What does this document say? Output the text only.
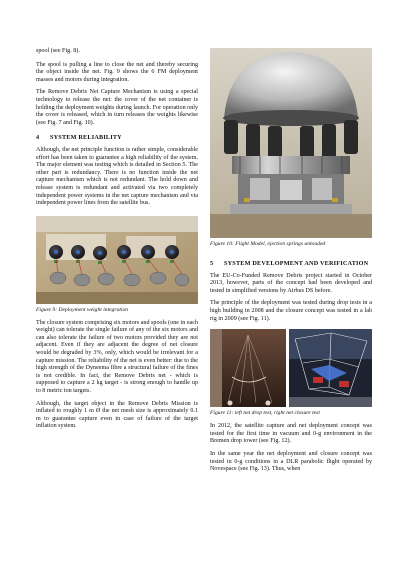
spool (see Fig. 8).

The spool is pulling a line to close the net and thereby securing the object inside the net. Fig. 9 shows the 6 FM deployment masses and motors during integration.

The Remove Debris Net Capture Mechanism is using a special technology to release the net: the cover of the net container is holding the deployment weights during launch. For operation only the cover is released, which in turn releases the weights likewise (see Fig. 7 and Fig. 10).

4 SYSTEM RELIABILITY

Although, the net principle function is rather simple, considerable effort has been taken to guarantee a high reliability of the system. The major element was testing which is detailed in Section 5. The other part is redundancy. There is no function inside the net capture mechanism which is not redundant. The hold down and release system is redundant and activated via two completely independent power systems in the net capture mechanism and via independent power lines from the satellite bus.

Figure 9: Deployment weight integration

The closure system comprising six motors and spools (one in each weight) can tolerate the single failure of any of the six motors and can also tolerate the failure of two motors provided they are not adjacent. Even if they are adjacent the degree of net closure would be degraded by 3%, only, which would be irrelevant for a capture mission. The reliability of the net is even better: due to the high strength of the Dyneema fibre a structural failure of the fines is not credible. In fact, the Remove Debris net - which is supposed to capture a 2 kg target - is strong enough to handle up to 8 metric ton targets.

Although, the target object in the Remove Debris Mission is inflated to roughly 1 m Ø the net mesh size is approximately 0.1 m to guarantee capture even in case of failure of the target inflation system.

Figure 10: Flight Model, ejection springs unloaded
5 SYSTEM DEVELOPMENT AND VERIFICATION

The EU-Co-Funded Remove Debris project started in October 2013, however, parts of the concept had been developed and tested in simplified versions by Airbus DS before.

The principle of the deployment was tested during drop tests in a high building in 2008 and the closure concept was tested in a lab rig in 2009 (see Fig. 11).

Figure 11: left net drop test, right net closure test

In 2012, the satellite capture and net deployment concept was tested for the first time in vacuum and 0-g environment in the Bremen drop tower (see Fig. 12).

In the same year the net deployment and closure concept was tested in 0-g conditions in a DLR parabolic flight operated by Novespace (see Fig. 13). Thus, when
